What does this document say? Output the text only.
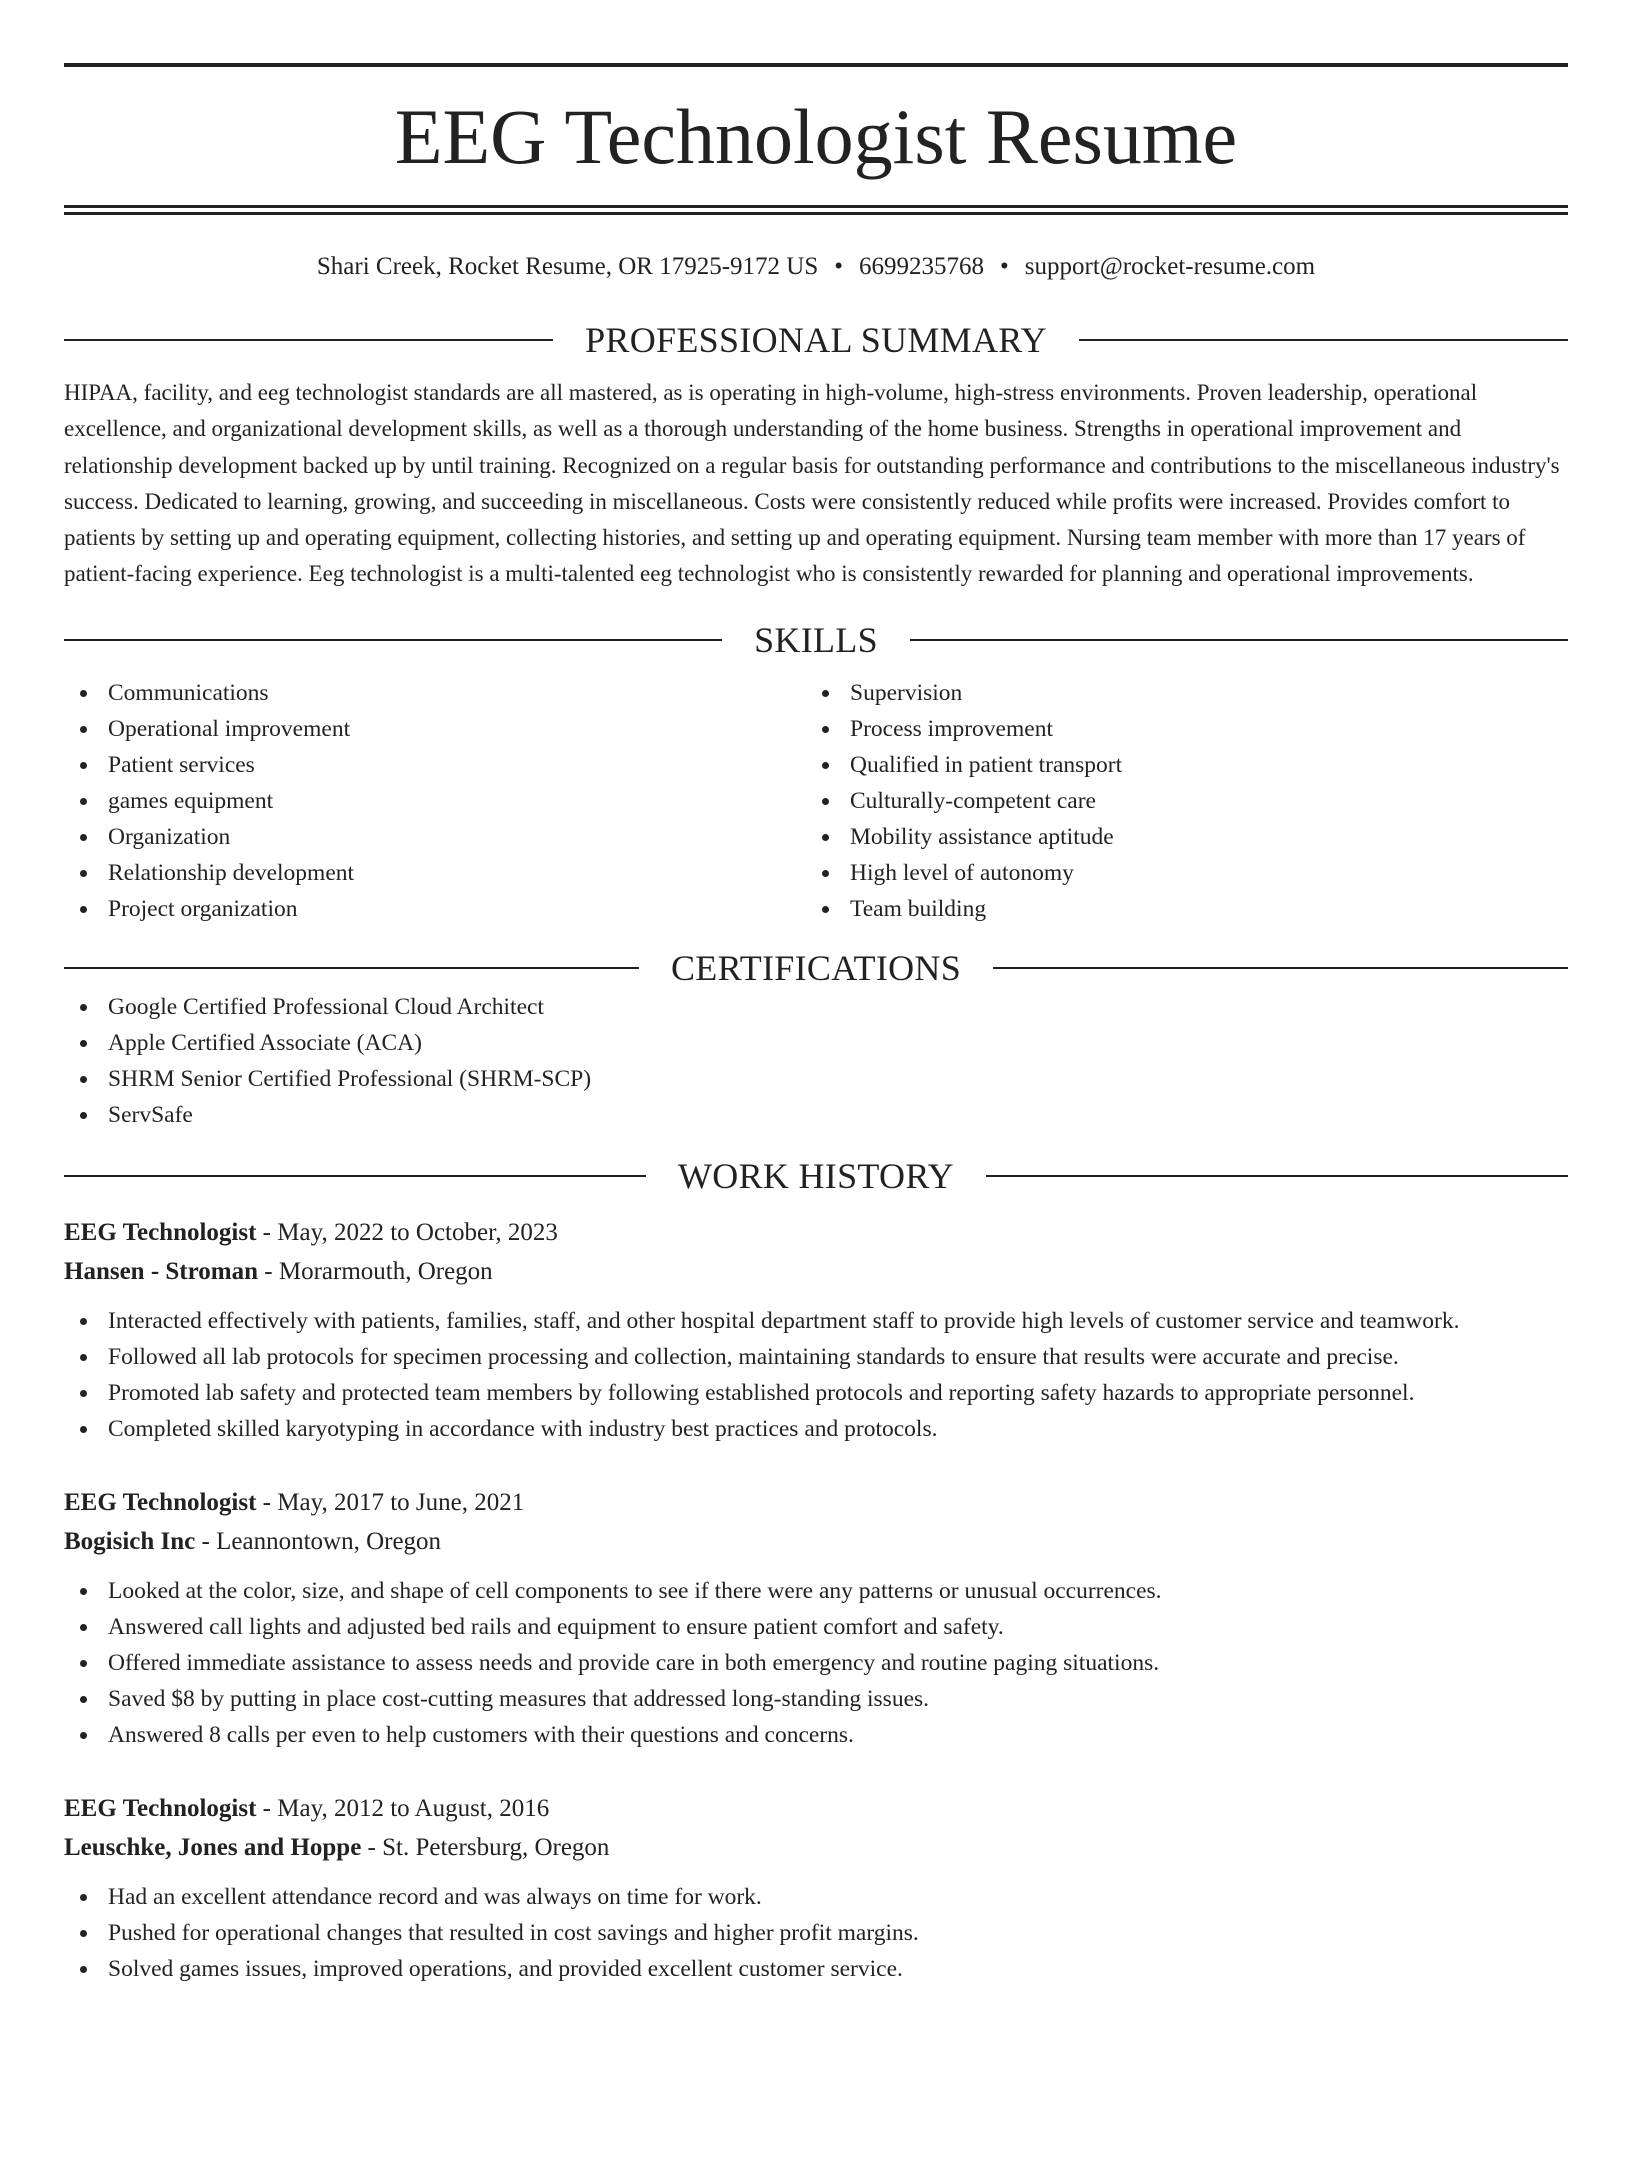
EEG Technologist Resume
Shari Creek, Rocket Resume, OR 17925-9172 US • 6699235768 • support@rocket-resume.com
PROFESSIONAL SUMMARY

HIPAA, facility, and eeg technologist standards are all mastered, as is operating in high-volume, high-stress environments. Proven leadership, operational excellence, and organizational development skills, as well as a thorough understanding of the home business. Strengths in operational improvement and relationship development backed up by until training. Recognized on a regular basis for outstanding performance and contributions to the miscellaneous industry's success. Dedicated to learning, growing, and succeeding in miscellaneous. Costs were consistently reduced while profits were increased. Provides comfort to patients by setting up and operating equipment, collecting histories, and setting up and operating equipment. Nursing team member with more than 17 years of patient-facing experience. Eeg technologist is a multi-talented eeg technologist who is consistently rewarded for planning and operational improvements.

SKILLS
Communications
Operational improvement
Patient services
games equipment
Organization
Relationship development
Project organization
Supervision
Process improvement
Qualified in patient transport
Culturally-competent care
Mobility assistance aptitude
High level of autonomy
Team building
CERTIFICATIONS
Google Certified Professional Cloud Architect
Apple Certified Associate (ACA)
SHRM Senior Certified Professional (SHRM-SCP)
ServSafe
WORK HISTORY
EEG Technologist - May, 2022 to October, 2023
Hansen - Stroman - Morarmouth, Oregon
Interacted effectively with patients, families, staff, and other hospital department staff to provide high levels of customer service and teamwork.
Followed all lab protocols for specimen processing and collection, maintaining standards to ensure that results were accurate and precise.
Promoted lab safety and protected team members by following established protocols and reporting safety hazards to appropriate personnel.
Completed skilled karyotyping in accordance with industry best practices and protocols.
EEG Technologist - May, 2017 to June, 2021
Bogisich Inc - Leannontown, Oregon
Looked at the color, size, and shape of cell components to see if there were any patterns or unusual occurrences.
Answered call lights and adjusted bed rails and equipment to ensure patient comfort and safety.
Offered immediate assistance to assess needs and provide care in both emergency and routine paging situations.
Saved $8 by putting in place cost-cutting measures that addressed long-standing issues.
Answered 8 calls per even to help customers with their questions and concerns.
EEG Technologist - May, 2012 to August, 2016
Leuschke, Jones and Hoppe - St. Petersburg, Oregon
Had an excellent attendance record and was always on time for work.
Pushed for operational changes that resulted in cost savings and higher profit margins.
Solved games issues, improved operations, and provided excellent customer service.
